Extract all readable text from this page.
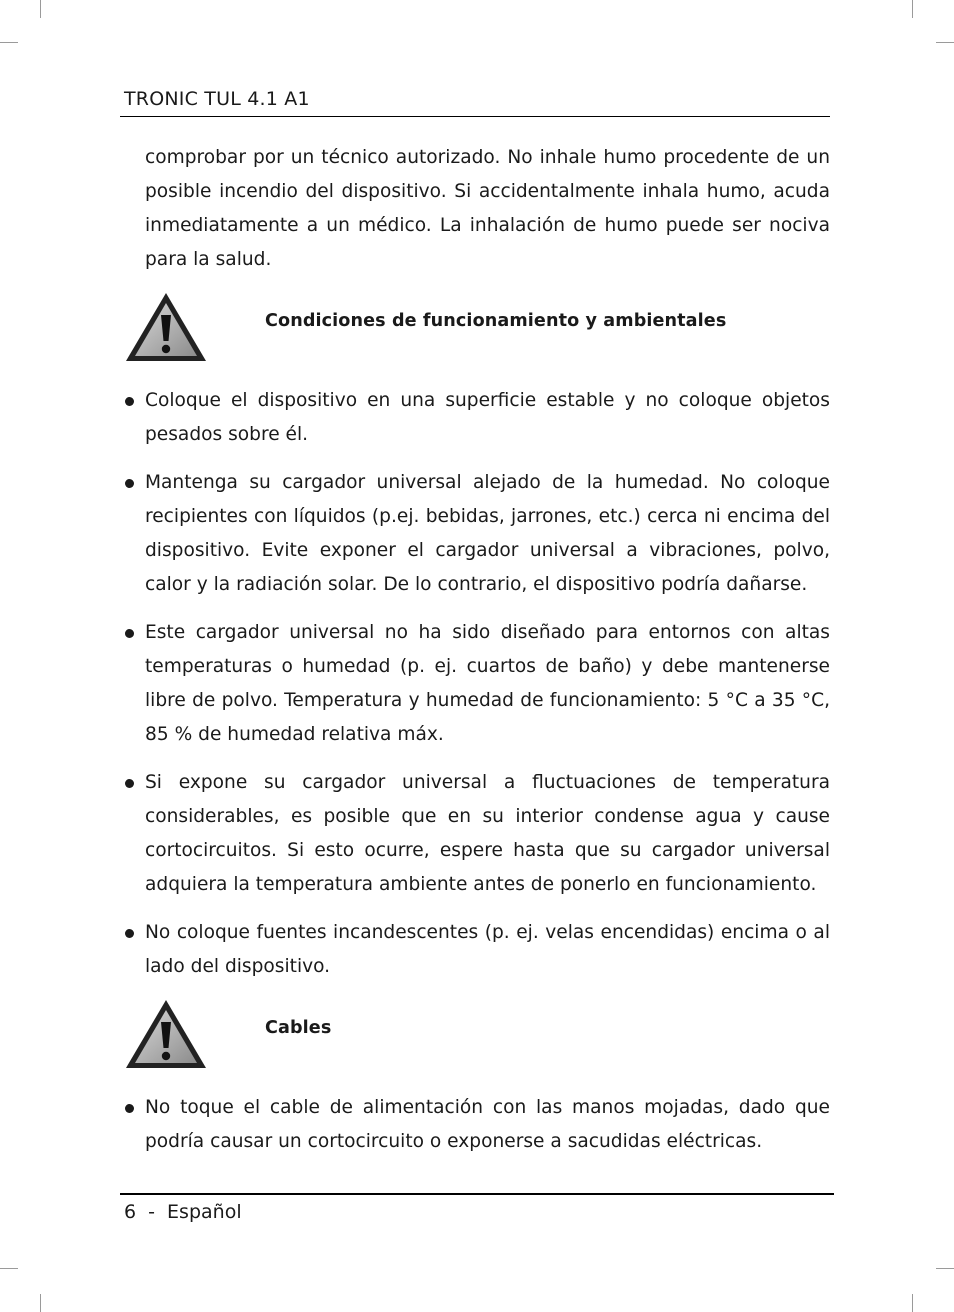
TRONIC TUL 4.1 A1

comprobar por un técnico autorizado. No inhale humo procedente de un posible incendio del dispositivo. Si accidentalmente inhala humo, acuda inmediatamente a un médico. La inhalación de humo puede ser nociva para la salud.

Condiciones de funcionamiento y ambientales

Coloque el dispositivo en una superficie estable y no coloque objetos pesados sobre él.

Mantenga su cargador universal alejado de la humedad. No coloque recipientes con líquidos (p.ej. bebidas, jarrones, etc.) cerca ni encima del dispositivo. Evite exponer el cargador universal a vibraciones, polvo, calor y la radiación solar. De lo contrario, el dispositivo podría dañarse.

Este cargador universal no ha sido diseñado para entornos con altas temperaturas o humedad (p. ej. cuartos de baño) y debe mantenerse libre de polvo. Temperatura y humedad de funcionamiento: 5 °C a 35 °C, 85 % de humedad relativa máx.

Si expone su cargador universal a fluctuaciones de temperatura considerables, es posible que en su interior condense agua y cause cortocircuitos. Si esto ocurre, espere hasta que su cargador universal adquiera la temperatura ambiente antes de ponerlo en funcionamiento.

No coloque fuentes incandescentes (p. ej. velas encendidas) encima o al lado del dispositivo.

Cables

No toque el cable de alimentación con las manos mojadas, dado que podría causar un cortocircuito o exponerse a sacudidas eléctricas.

6 - Español
